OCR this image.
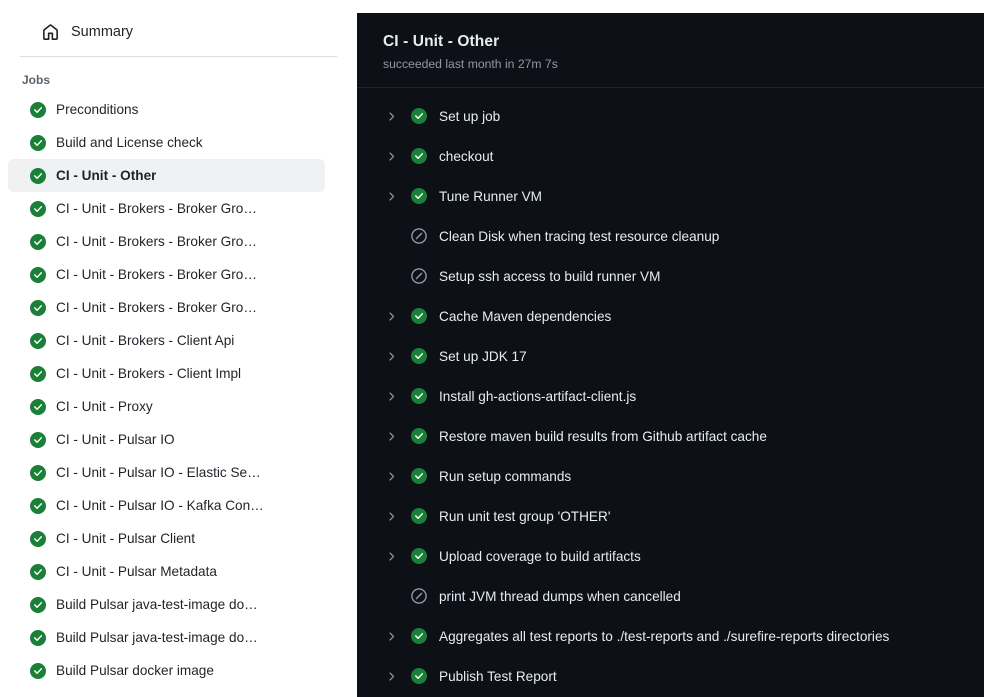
Summary
Jobs
Preconditions
Build and License check
CI - Unit - Other
CI - Unit - Brokers - Broker Gro…
CI - Unit - Brokers - Broker Gro…
CI - Unit - Brokers - Broker Gro…
CI - Unit - Brokers - Broker Gro…
CI - Unit - Brokers - Client Api
CI - Unit - Brokers - Client Impl
CI - Unit - Proxy
CI - Unit - Pulsar IO
CI - Unit - Pulsar IO - Elastic Se…
CI - Unit - Pulsar IO - Kafka Con…
CI - Unit - Pulsar Client
CI - Unit - Pulsar Metadata
Build Pulsar java-test-image do…
Build Pulsar java-test-image do…
Build Pulsar docker image
CI - Unit - Other
succeeded last month in 27m 7s
Set up job
checkout
Tune Runner VM
Clean Disk when tracing test resource cleanup
Setup ssh access to build runner VM
Cache Maven dependencies
Set up JDK 17
Install gh-actions-artifact-client.js
Restore maven build results from Github artifact cache
Run setup commands
Run unit test group 'OTHER'
Upload coverage to build artifacts
print JVM thread dumps when cancelled
Aggregates all test reports to ./test-reports and ./surefire-reports directories
Publish Test Report
